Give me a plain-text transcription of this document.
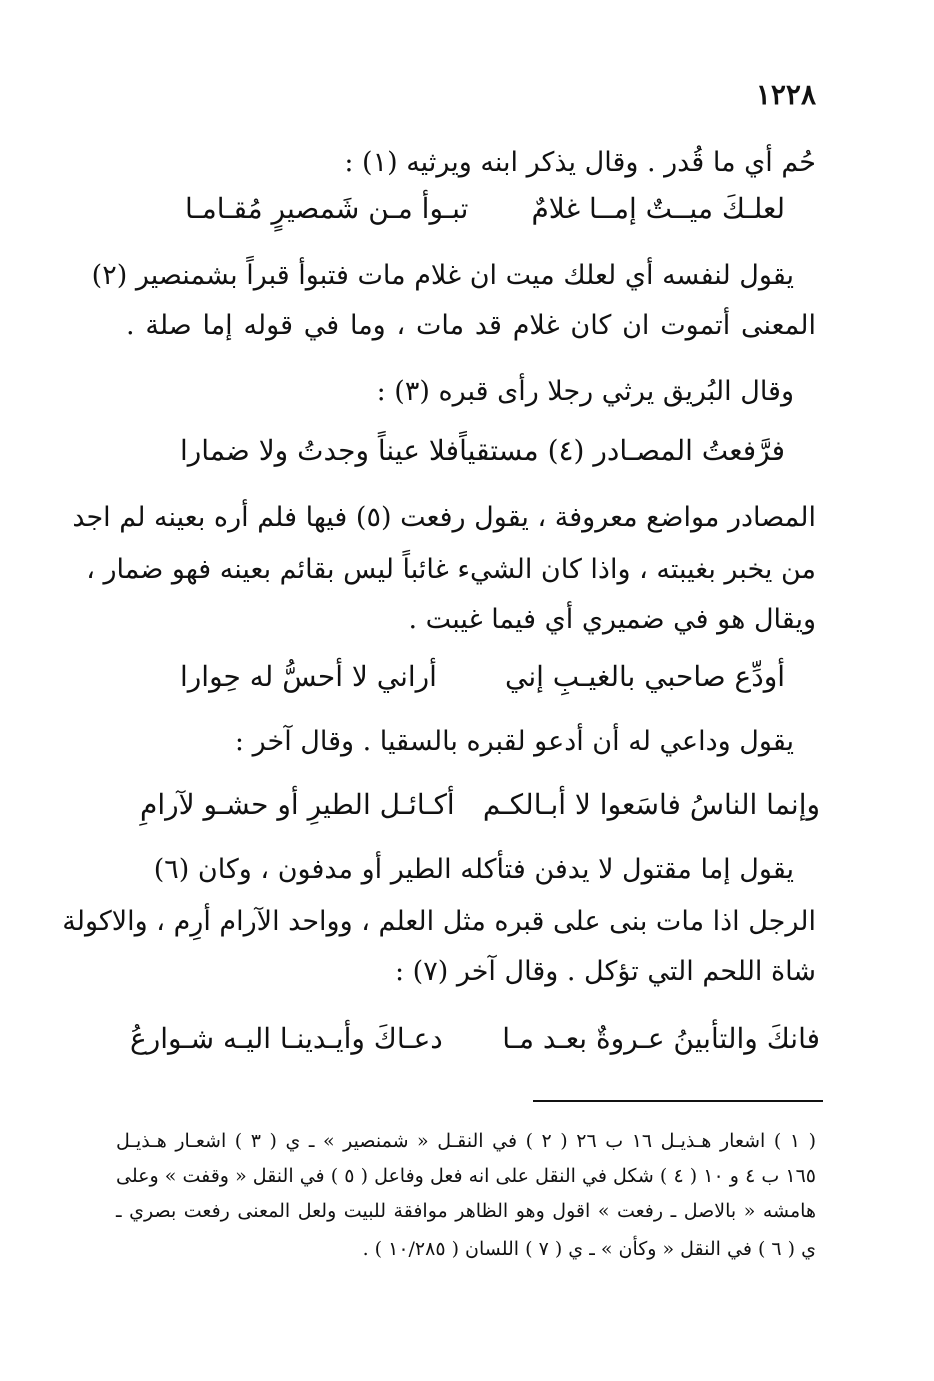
١٢٢٨
حُم أي ما قُدر . وقال يذكر ابنه ويرثيه (١) :
لعلـكَ ميــتٌ إمــا غلامٌ
تبـوأ مـن شَمصيرٍ مُقـامـا
يقول لنفسه أي لعلك ميت ان غلام مات فتبوأ قبراً بشمنصير (٢)
المعنى أتموت ان كان غلام قد مات ، وما في قوله إما صلة .
وقال البُريق يرثي رجلا رأى قبره (٣) :
فرَّفعتُ المصـادر (٤) مستقياً
فلا عيناً وجدتُ ولا ضمارا
المصادر مواضع معروفة ، يقول رفعت (٥) فيها فلم أره بعينه لم اجد
من يخبر بغيبته ، واذا كان الشيء غائباً ليس بقائم بعينه فهو ضمار ،
ويقال هو في ضميري أي فيما غيبت .
أودِّع صاحبي بالغيـبِ إني
أراني لا أحسُّ له حِوارا
يقول وداعي له أن أدعو لقبره بالسقيا . وقال آخر :
وإنما الناسُ فاسَعوا لا أبـالكـم
أكـائـل الطيرِ أو حشـو لآرامِ
يقول إما مقتول لا يدفن فتأكله الطير أو مدفون ، وكان (٦)
الرجل اذا مات بنى على قبره مثل العلم ، وواحد الآرام أرِم ، والاكولة
شاة اللحم التي تؤكل . وقال آخر (٧) :
فانكَ والتأبينُ عـروةٌ بعـد مـا
دعـاكَ وأيـدينـا اليـه شـوارعُ
( ١ ) اشعار هـذيـل ١٦ ب ٢٦ ( ٢ ) في النقـل « شمنصير » ـ ي ( ٣ ) اشعـار هـذيـل
١٦٥ ب ٤ و ١٠ ( ٤ ) شكل في النقل على انه فعل وفاعل ( ٥ ) في النقل « وقفت » وعلى
هامشه « بالاصل ـ رفعت » اقول وهو الظاهر موافقة للبيت ولعل المعنى رفعت بصري ـ
ي ( ٦ ) في النقل « وكأن » ـ ي ( ٧ ) اللسان ( ١٠/٢٨٥ ) .
